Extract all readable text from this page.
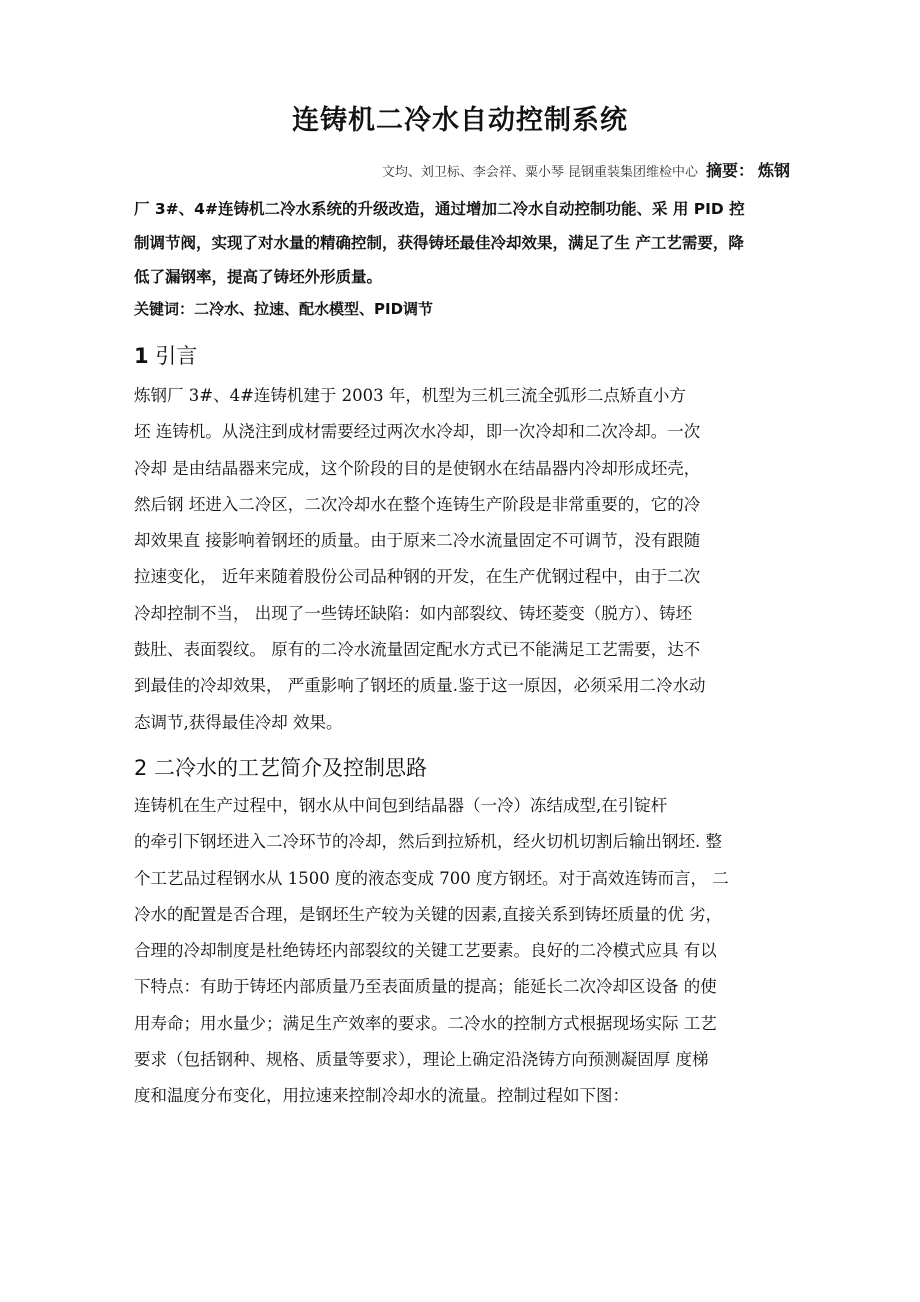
连铸机二冷水自动控制系统
文均、刘卫标、李会祥、粟小琴 昆钢重装集团维检中心 摘要： 炼钢

厂 3#、4#连铸机二冷水系统的升级改造，通过增加二冷水自动控制功能、采 用 PID 控

制调节阀，实现了对水量的精确控制，获得铸坯最佳冷却效果，满足了生 产工艺需要，降

低了漏钢率，提高了铸坯外形质量。

关键词：二冷水、拉速、配水模型、PID调节
1 引言

炼钢厂 3#、4#连铸机建于 2003 年，机型为三机三流全弧形二点矫直小方

坯 连铸机。从浇注到成材需要经过两次水冷却，即一次冷却和二次冷却。一次

冷却 是由结晶器来完成，这个阶段的目的是使钢水在结晶器内冷却形成坯壳，

然后钢 坯进入二冷区，二次冷却水在整个连铸生产阶段是非常重要的，它的冷

却效果直 接影响着钢坯的质量。由于原来二冷水流量固定不可调节，没有跟随

拉速变化， 近年来随着股份公司品种钢的开发，在生产优钢过程中，由于二次

冷却控制不当， 出现了一些铸坯缺陷：如内部裂纹、铸坯菱变（脱方）、铸坯

鼓肚、表面裂纹。 原有的二冷水流量固定配水方式已不能满足工艺需要，达不

到最佳的冷却效果， 严重影响了钢坯的质量.鉴于这一原因，必须采用二冷水动

态调节,获得最佳冷却 效果。

2 二冷水的工艺简介及控制思路

连铸机在生产过程中，钢水从中间包到结晶器（一冷）冻结成型,在引锭杆

的牵引下钢坯进入二冷环节的冷却，然后到拉矫机，经火切机切割后输出钢坯. 整

个工艺品过程钢水从 1500 度的液态变成 700 度方钢坯。对于高效连铸而言， 二

冷水的配置是否合理，是钢坯生产较为关键的因素,直接关系到铸坯质量的优 劣，

合理的冷却制度是杜绝铸坯内部裂纹的关键工艺要素。良好的二冷模式应具 有以

下特点：有助于铸坯内部质量乃至表面质量的提高；能延长二次冷却区设备 的使

用寿命；用水量少；满足生产效率的要求。二冷水的控制方式根据现场实际 工艺

要求（包括钢种、规格、质量等要求），理论上确定沿浇铸方向预测凝固厚 度梯

度和温度分布变化，用拉速来控制冷却水的流量。控制过程如下图：
